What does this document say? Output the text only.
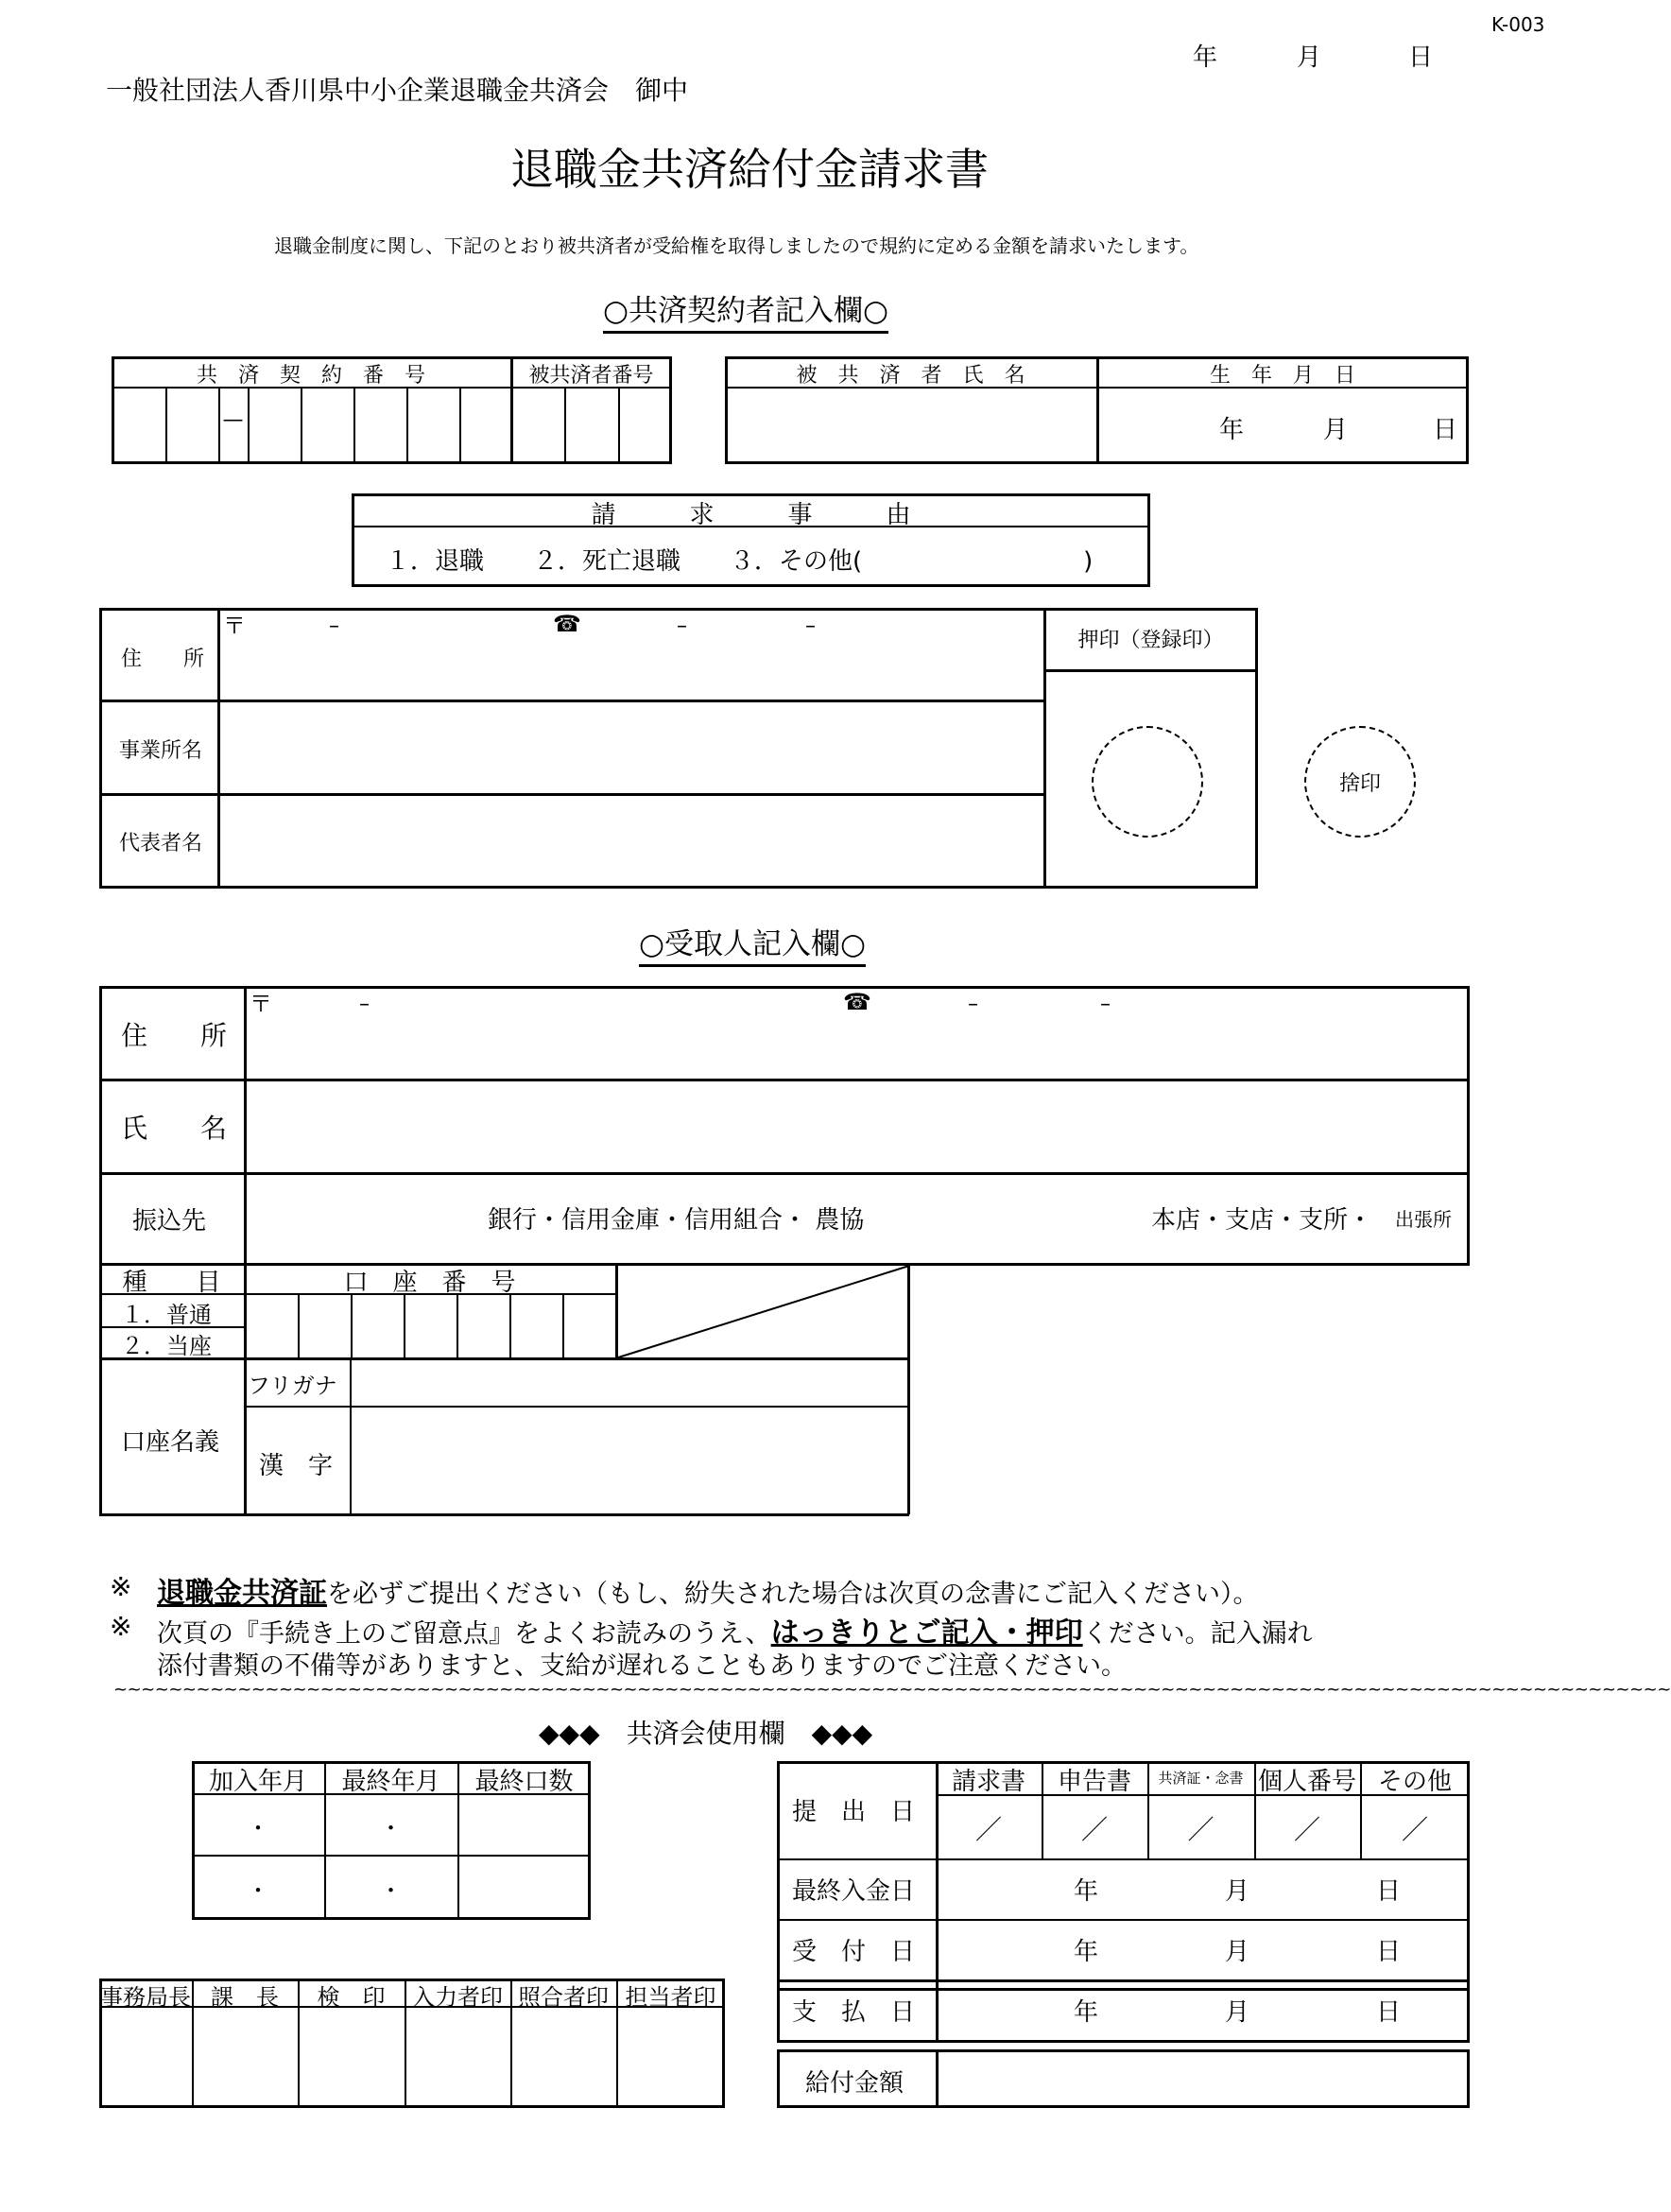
K-003
年	月	日
一般社団法人香川県中小企業退職金共済会　御中
退職金共済給付金請求書
退職金制度に関し、下記のとおり被共済者が受給権を取得しましたので規約に定める金額を請求いたします。
○共済契約者記入欄○
共　済　契　約　番　号	被共済者番号
—
被　共　済　者　氏　名	生　年　月　日
年	月	日
請　　　求　　　事　　　由
１．退職　　２．死亡退職　　３．その他(　　　　　　　　　)
住　　所
〒	–	☎	–	–
事業所名
代表者名
押印（登録印）
捨印
○受取人記入欄○
住　　所
〒	–	☎	–	–
氏　　名
振込先	銀行・信用金庫・信用組合・ 農協	本店・支店・支所・ 出張所
種　　目	口　座　番　号
１．普通
２．当座
口座名義
フリガナ
漢　字
※
※
退職金共済証を必ずご提出ください（もし、紛失された場合は次頁の念書にご記入ください）。
次頁の『手続き上のご留意点』をよくお読みのうえ、はっきりとご記入・押印ください。記入漏れ
添付書類の不備等がありますと、支給が遅れることもありますのでご注意ください。
~~~~~~~~~~~~~~~~~~~~~~~~~~~~~~~~~~~~~~~~~~~~~~~~~~~~~~~~~~~~~~~~~~~~~~~~~~~~~~~~~~~~~~~~~~~~~~~~~~~~~~~~~~~~~~~~~
◆◆◆　共済会使用欄　◆◆◆
加入年月	最終年月	最終口数
・	・
・	・
提　出　日
請求書	申告書	共済証・念書 個人番号 その他
／	／	／	／	／
最終入金日	年	月	日
受　付　日	年	月	日
支　払　日	年	月	日
給付金額
事務局長 課　長	検　印	入力者印 照合者印 担当者印
